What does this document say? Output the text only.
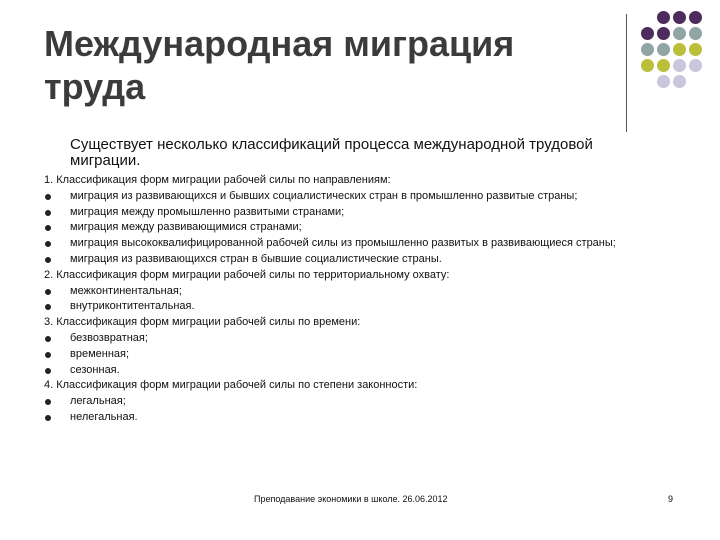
Международная миграция труда
Существует несколько классификаций процесса международной трудовой миграции.
1. Классификация форм миграции рабочей силы по направлениям:
миграция из развивающихся и бывших социалистических стран в промышленно развитые страны;
миграция между промышленно развитыми странами;
миграция между развивающимися странами;
миграция высококвалифицированной рабочей силы из промышленно развитых в развивающиеся страны;
миграция из развивающихся стран в бывшие социалистические страны.
2. Классификация форм миграции рабочей силы по территориальному охвату:
межконтинентальная;
внутриконтитентальная.
3. Классификация форм миграции рабочей силы по времени:
безвозвратная;
временная;
сезонная.
4. Классификация форм миграции рабочей силы по степени законности:
легальная;
нелегальная.
Преподавание экономики в школе. 26.06.2012	9
